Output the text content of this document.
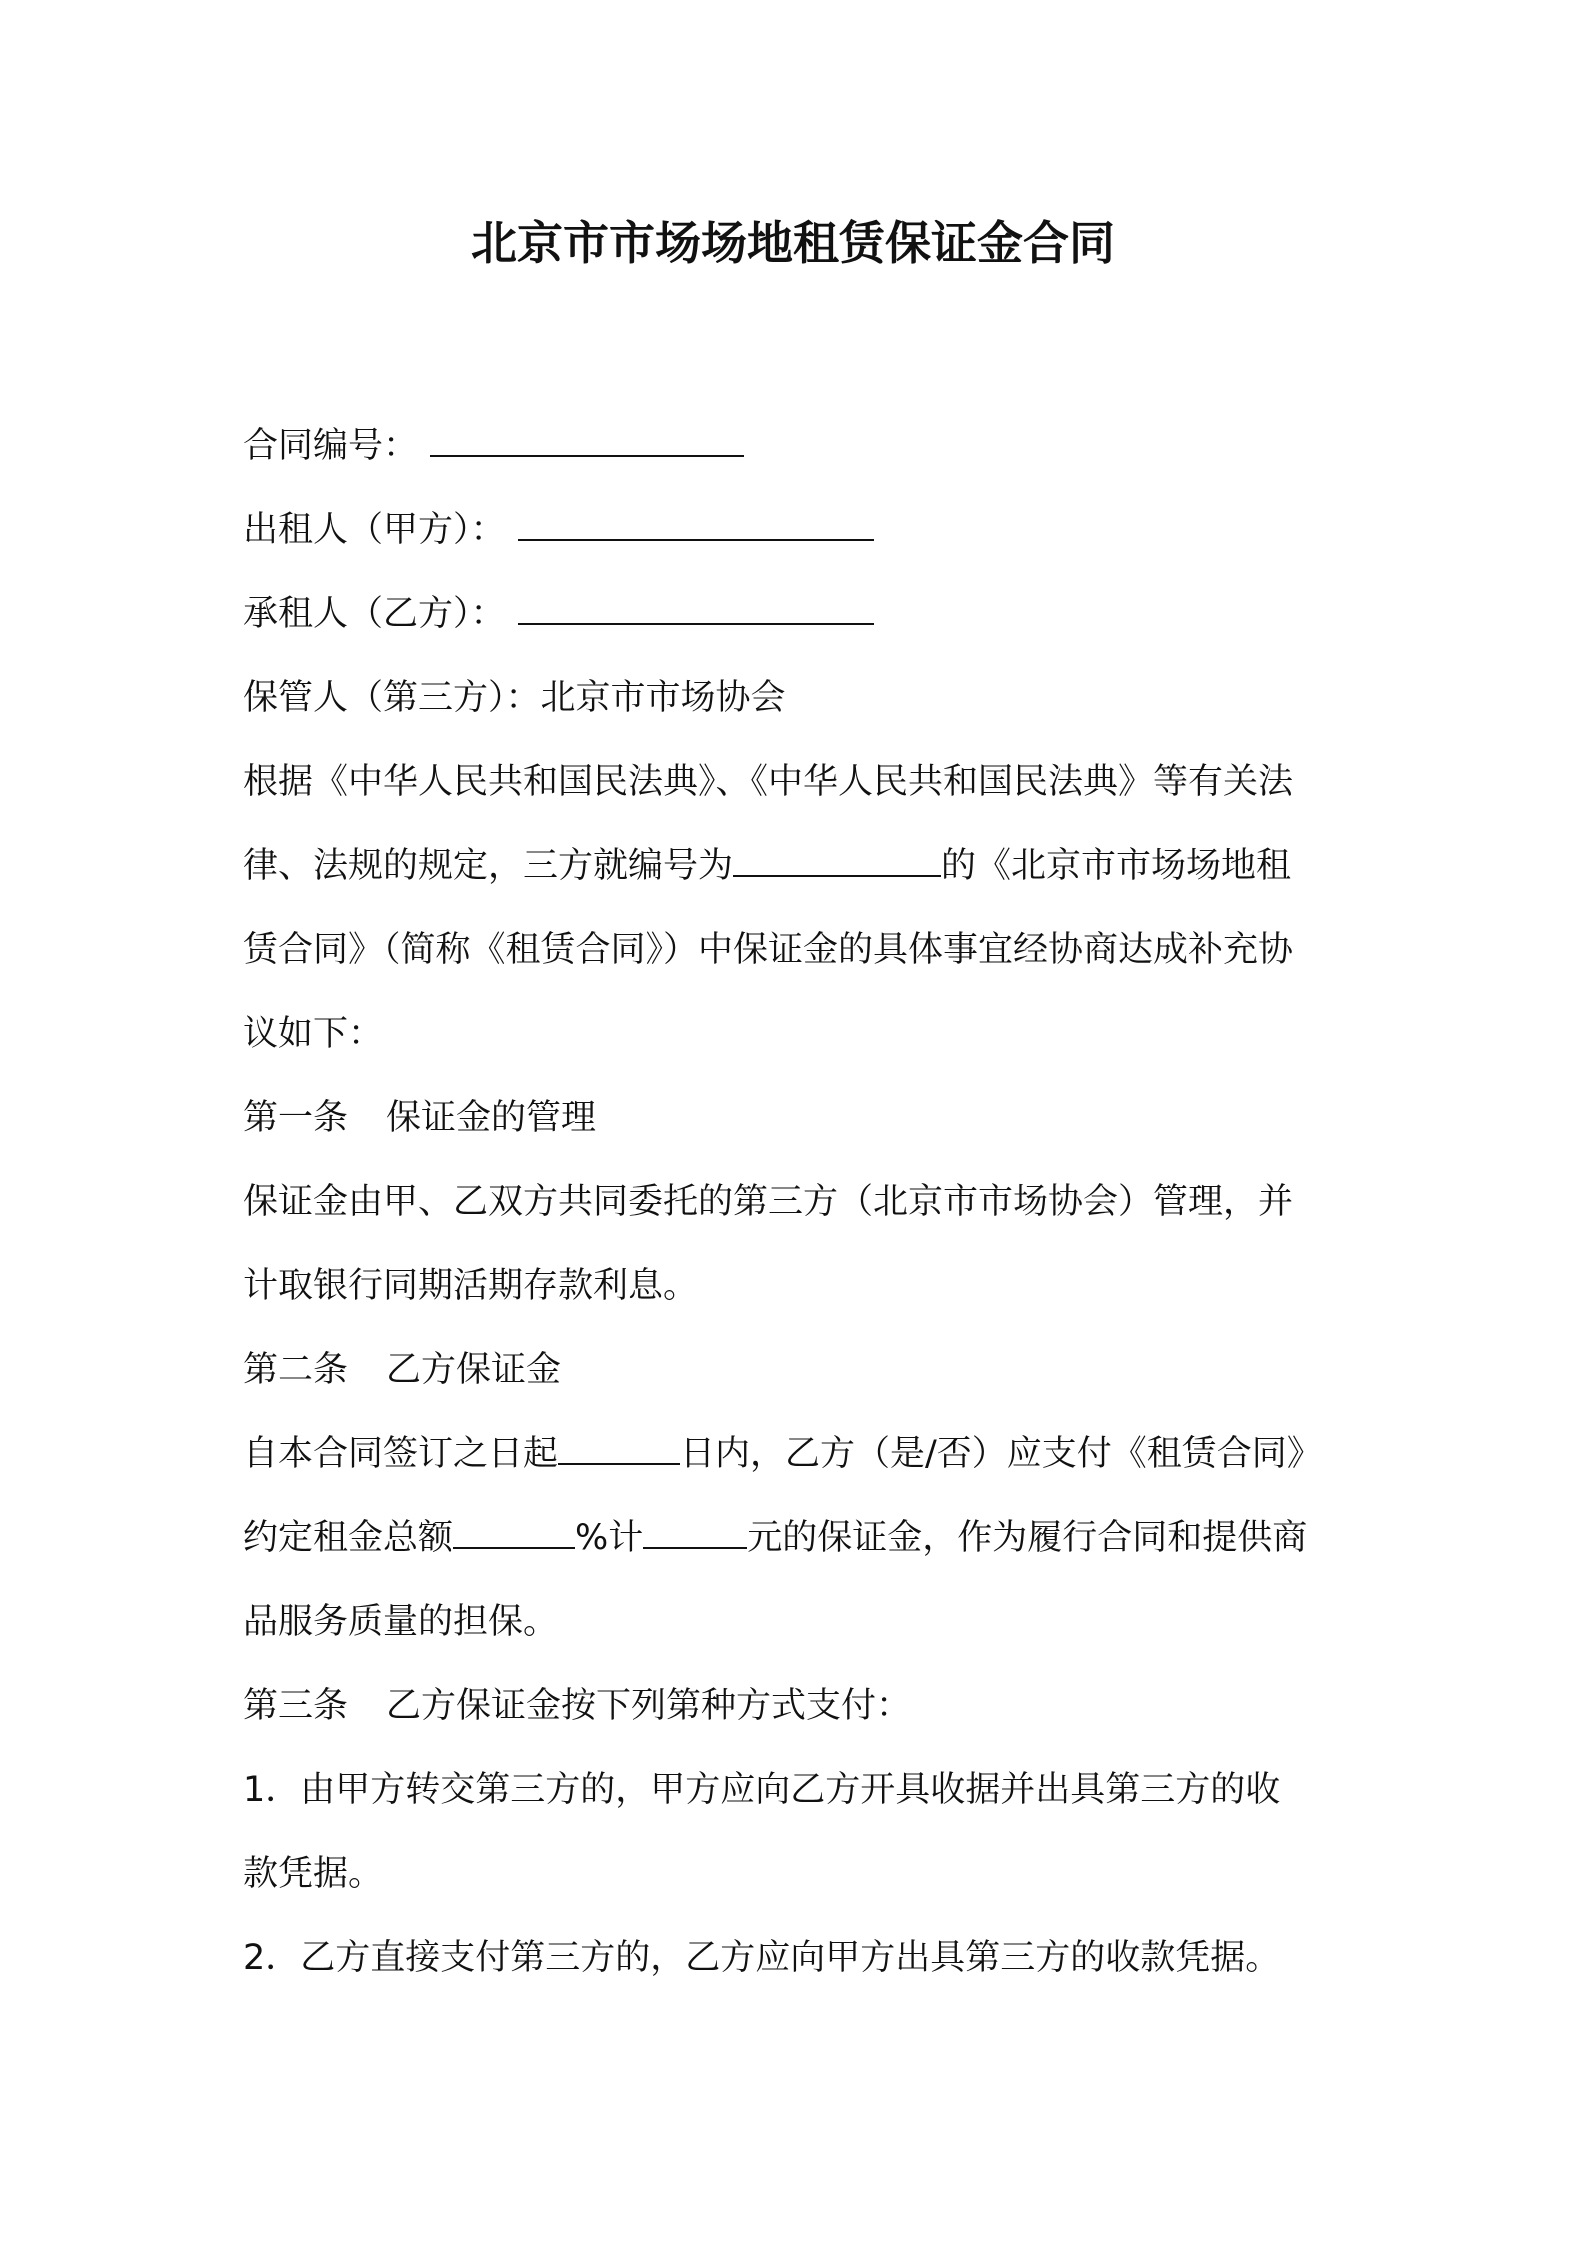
北京市市场场地租赁保证金合同
合同编号：
出租人（甲方）：
承租人（乙方）：
保管人（第三方）：北京市市场协会
根据《中华人民共和国民法典》、《中华人民共和国民法典》等有关法
律、法规的规定，三方就编号为	的《北京市市场场地租
赁合同》（简称《租赁合同》）中保证金的具体事宜经协商达成补充协
议如下：
第一条 保证金的管理
保证金由甲、乙双方共同委托的第三方（北京市市场协会）管理，并
计取银行同期活期存款利息。
第二条 乙方保证金
自本合同签订之日起	日内，乙方（是/否）应支付《租赁合同》
约定租金总额	%计	元的保证金，作为履行合同和提供商
品服务质量的担保。
第三条 乙方保证金按下列第种方式支付：
1．由甲方转交第三方的，甲方应向乙方开具收据并出具第三方的收
款凭据。
2．乙方直接支付第三方的，乙方应向甲方出具第三方的收款凭据。
